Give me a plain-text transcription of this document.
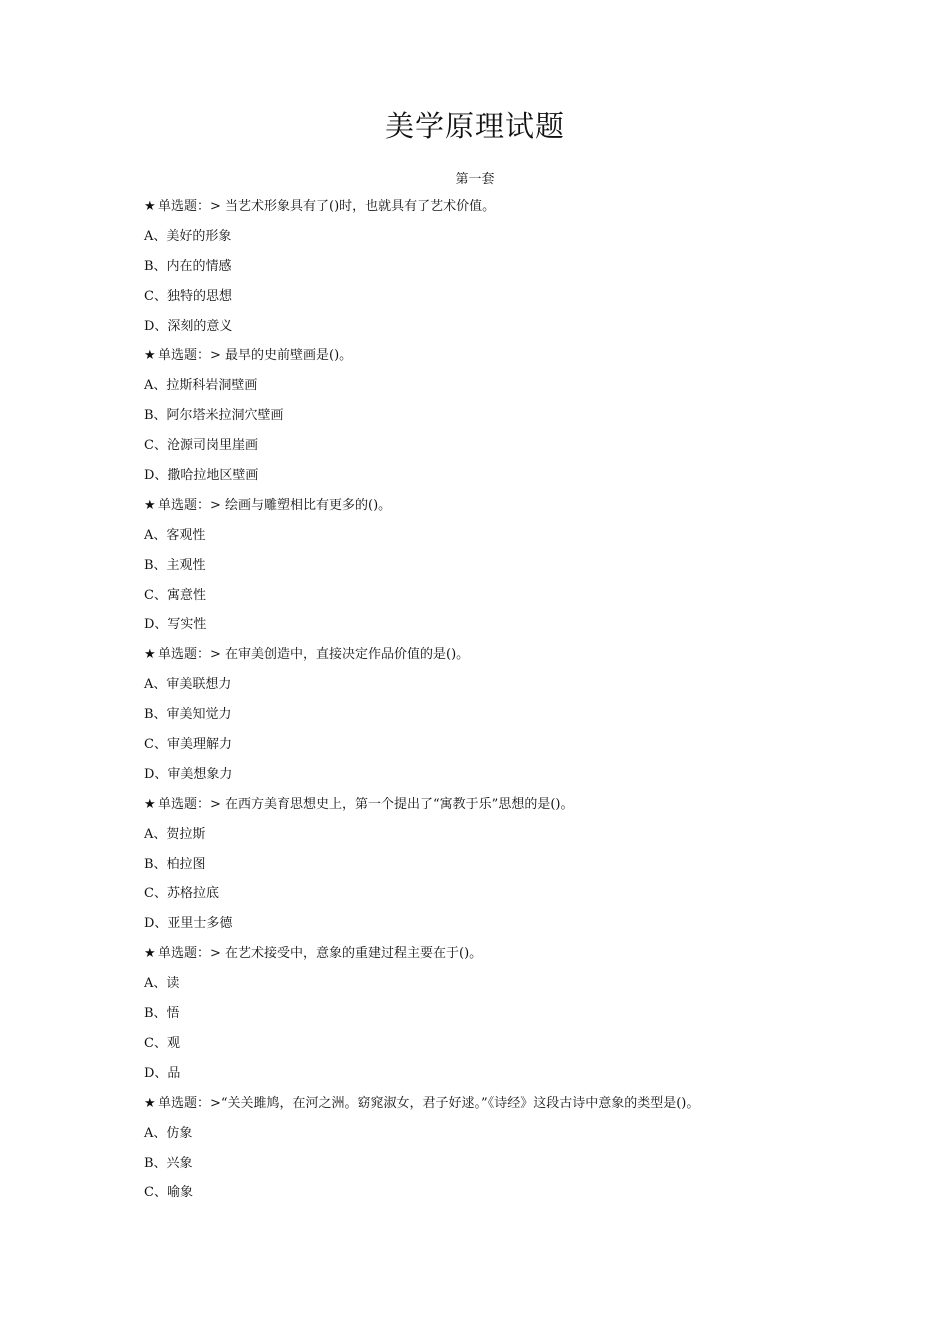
美学原理试题
第一套
★ 单选题：> 当艺术形象具有了()时，也就具有了艺术价值。
A、美好的形象
B、内在的情感
C、独特的思想
D、深刻的意义
★ 单选题：> 最早的史前壁画是()。
A、拉斯科岩洞壁画
B、阿尔塔米拉洞穴壁画
C、沧源司岗里崖画
D、撒哈拉地区壁画
★ 单选题：> 绘画与雕塑相比有更多的()。
A、客观性
B、主观性
C、寓意性
D、写实性
★ 单选题：> 在审美创造中，直接决定作品价值的是()。
A、审美联想力
B、审美知觉力
C、审美理解力
D、审美想象力
★ 单选题：> 在西方美育思想史上，第一个提出了“寓教于乐”思想的是()。
A、贺拉斯
B、柏拉图
C、苏格拉底
D、亚里士多德
★ 单选题：> 在艺术接受中，意象的重建过程主要在于()。
A、读
B、悟
C、观
D、品
★ 单选题：>“关关雎鸠，在河之洲。窈窕淑女，君子好逑。”《诗经》这段古诗中意象的类型是()。
A、仿象
B、兴象
C、喻象
